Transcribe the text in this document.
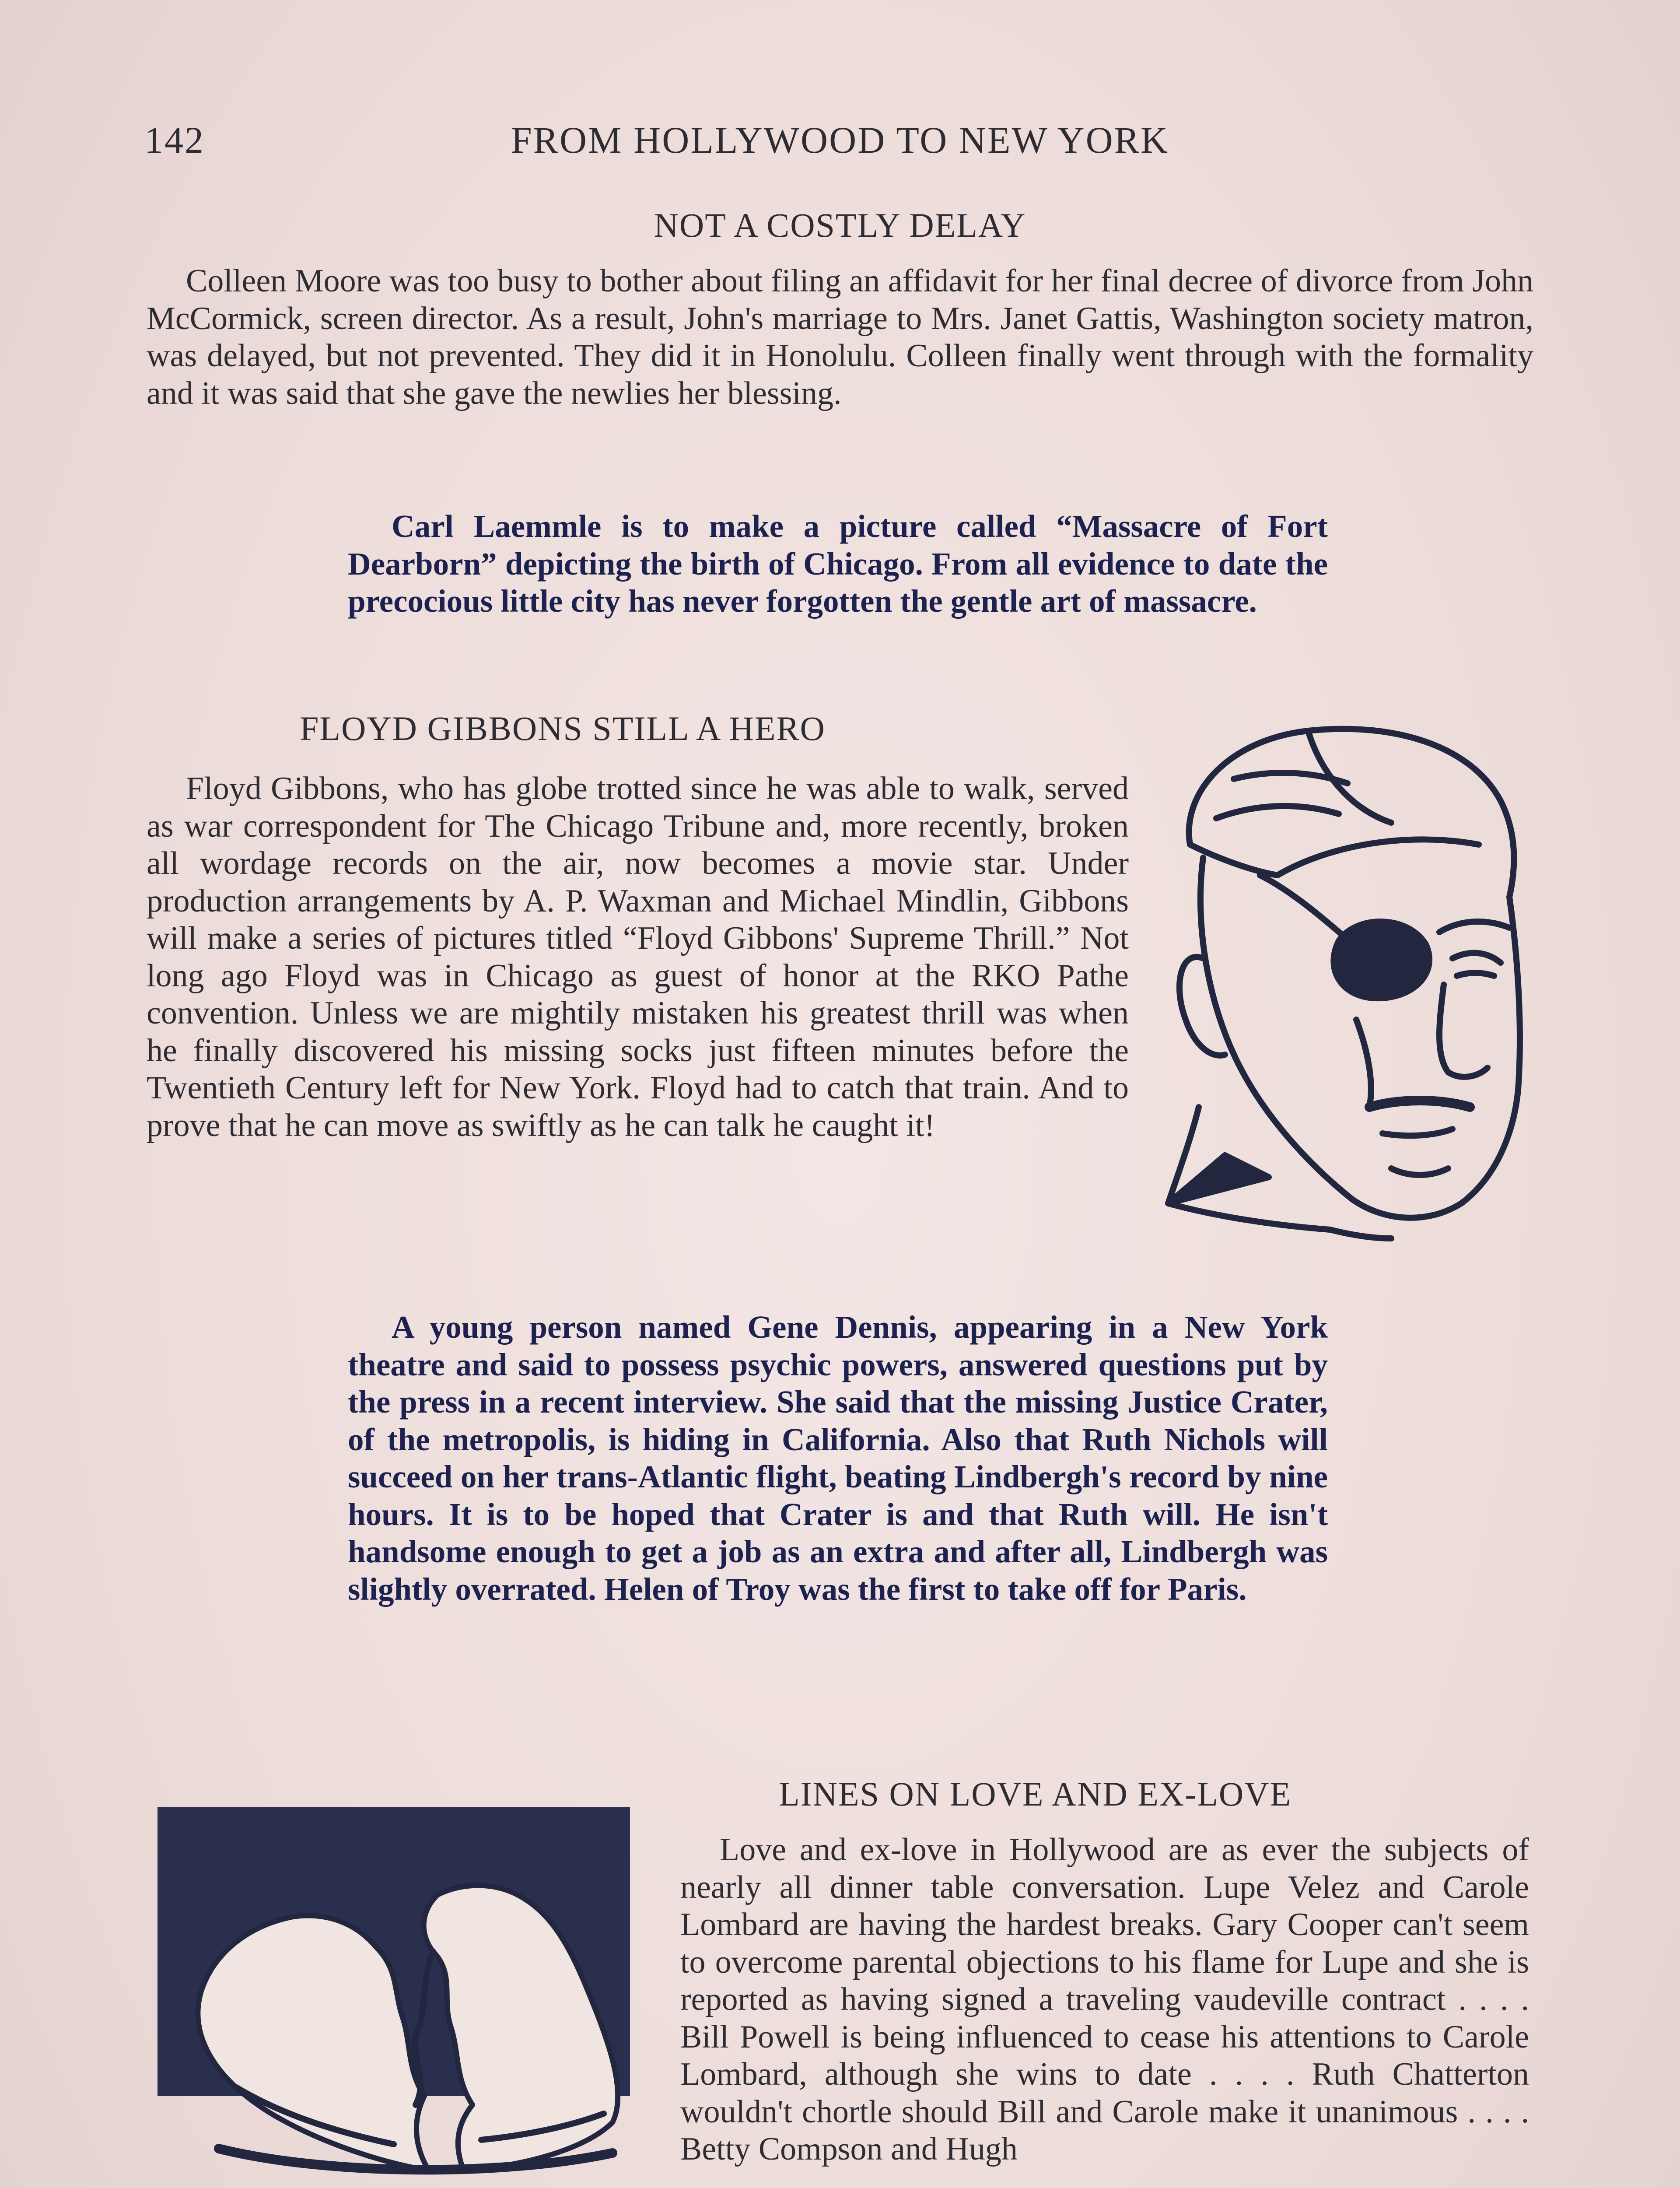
142	FROM HOLLYWOOD TO NEW YORK
NOT A COSTLY DELAY

Colleen Moore was too busy to bother about filing an affidavit for her final decree of divorce from John McCormick, screen director. As a result, John's marriage to Mrs. Janet Gattis, Washington society matron, was delayed, but not prevented. They did it in Honolulu. Colleen finally went through with the formality and it was said that she gave the newlies her blessing.

Carl Laemmle is to make a picture called “Massacre of Fort Dearborn” depicting the birth of Chicago. From all evidence to date the precocious little city has never forgotten the gentle art of massacre.

FLOYD GIBBONS STILL A HERO

Floyd Gibbons, who has globe trotted since he was able to walk, served as war correspondent for The Chicago Tribune and, more recently, broken all wordage records on the air, now becomes a movie star. Under production arrangements by A. P. Waxman and Michael Mindlin, Gibbons will make a series of pictures titled “Floyd Gibbons' Supreme Thrill.” Not long ago Floyd was in Chicago as guest of honor at the RKO Pathe convention. Unless we are mightily mistaken his greatest thrill was when he finally discovered his missing socks just fifteen minutes before the Twentieth Century left for New York. Floyd had to catch that train. And to prove that he can move as swiftly as he can talk he caught it!

A young person named Gene Dennis, appearing in a New York theatre and said to possess psychic powers, answered questions put by the press in a recent interview. She said that the missing Justice Crater, of the metropolis, is hiding in California. Also that Ruth Nichols will succeed on her trans-Atlantic flight, beating Lindbergh's record by nine hours. It is to be hoped that Crater is and that Ruth will. He isn't handsome enough to get a job as an extra and after all, Lindbergh was slightly overrated. Helen of Troy was the first to take off for Paris.

LINES ON LOVE AND EX-LOVE

Love and ex-love in Hollywood are as ever the subjects of nearly all dinner table conversation. Lupe Velez and Carole Lombard are having the hardest breaks. Gary Cooper can't seem to overcome parental objections to his flame for Lupe and she is reported as having signed a traveling vaudeville contract . . . . Bill Powell is being influenced to cease his attentions to Carole Lombard, although she wins to date . . . . Ruth Chatterton wouldn't chortle should Bill and Carole make it unanimous . . . . Betty Compson and Hugh
